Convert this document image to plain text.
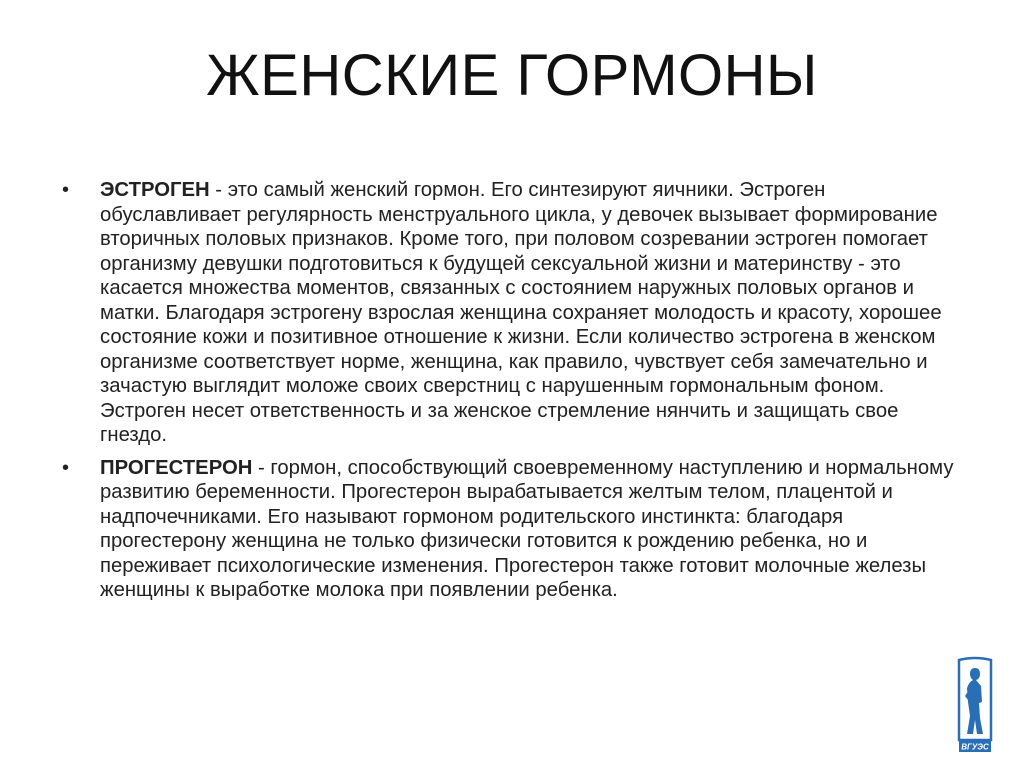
ЖЕНСКИЕ ГОРМОНЫ

• ЭСТРОГЕН - это самый женский гормон. Его синтезируют яичники. Эстроген обуславливает регулярность менструального цикла, у девочек вызывает формирование вторичных половых признаков. Кроме того, при половом созревании эстроген помогает организму девушки подготовиться к будущей сексуальной жизни и материнству - это касается множества моментов, связанных с состоянием наружных половых органов и матки. Благодаря эстрогену взрослая женщина сохраняет молодость и красоту, хорошее состояние кожи и позитивное отношение к жизни. Если количество эстрогена в женском организме соответствует норме, женщина, как правило, чувствует себя замечательно и зачастую выглядит моложе своих сверстниц с нарушенным гормональным фоном. Эстроген несет ответственность и за женское стремление нянчить и защищать свое гнездо.

• ПРОГЕСТЕРОН - гормон, способствующий своевременному наступлению и нормальному развитию беременности. Прогестерон вырабатывается желтым телом, плацентой и надпочечниками. Его называют гормоном родительского инстинкта: благодаря прогестерону женщина не только физически готовится к рождению ребенка, но и переживает психологические изменения. Прогестерон также готовит молочные железы женщины к выработке молока при появлении ребенка.

ВГУЭС
